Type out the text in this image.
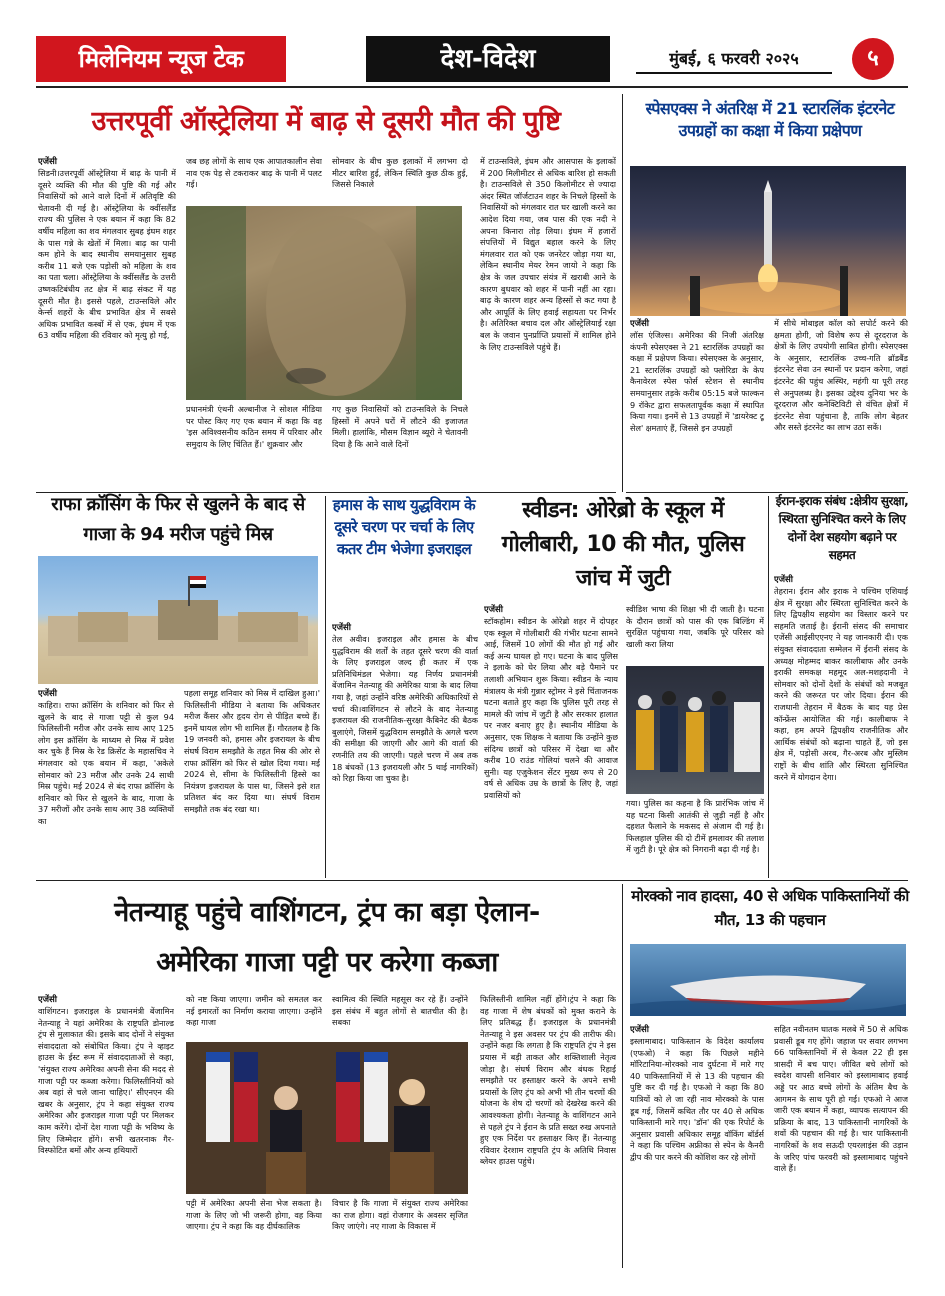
मिलेनियम न्यूज टेक	देश-विदेश	मुंबई, ६ फरवरी २०२५	५
उत्तरपूर्वी ऑस्ट्रेलिया में बाढ़ से दूसरी मौत की पुष्टि
एजेंसी
सिडनी।उत्तरपूर्वी ऑस्ट्रेलिया में बाढ़ के पानी में दूसरे व्यक्ति की मौत की पुष्टि की गई और निवासियों को आने वाले दिनों में अतिवृष्टि की चेतावनी दी गई है। ऑस्ट्रेलिया के क्वींसलैंड राज्य की पुलिस ने एक बयान में कहा कि 82 वर्षीय महिला का शव मंगलवार सुबह इंघम शहर के पास गन्ने के खेतों में मिला। बाढ़ का पानी कम होने के बाद स्थानीय समयानुसार सुबह करीब 11 बजे एक पड़ोसी को महिला के शव का पता चला। ऑस्ट्रेलिया के क्वींसलैंड के उत्तरी उष्णकटिबंधीय तट क्षेत्र में बाढ़ संकट में यह दूसरी मौत है। इससे पहले, टाउन्सविले और केर्न्स शहरों के बीच प्रभावित क्षेत्र में सबसे अधिक प्रभावित कस्बों में से एक, इंघम में एक 63 वर्षीय महिला की रविवार को मृत्यु हो गई,
जब छह लोगों के साथ एक आपातकालीन सेवा नाव एक पेड़ से टकराकर बाढ़ के पानी में पलट गई।
प्रधानमंत्री एंथनी अल्बानीज ने सोशल मीडिया पर पोस्ट किए गए एक बयान में कहा कि वह 'इस अविश्वसनीय कठिन समय में परिवार और समुदाय के लिए चिंतित हैं।' शुक्रवार और
सोमवार के बीच कुछ इलाकों में लगभग दो मीटर बारिश हुई, लेकिन स्थिति कुछ ठीक हुई, जिससे निकाले
गए कुछ निवासियों को टाउन्सविले के निचले हिस्सों में अपने घरों में लौटने की इजाजत मिली। हालांकि, मौसम विज्ञान ब्यूरो ने चेतावनी दिया है कि आने वाले दिनों
में टाउन्सविले, इंघम और आसपास के इलाकों में 200 मिलीमीटर से अधिक बारिश हो सकती है। टाउन्सविले से 350 किलोमीटर से ज्यादा अंदर स्थित जॉर्जटाउन शहर के निचले हिस्सों के निवासियों को मंगलवार रात घर खाली करने का आदेश दिया गया, जब पास की एक नदी ने अपना किनारा तोड़ लिया। इंघम में हजारों संपत्तियों में विद्युत बहाल करने के लिए मंगलवार रात को एक जनरेटर जोड़ा गया था, लेकिन स्थानीय मेयर रेमन जायो ने कहा कि क्षेत्र के जल उपचार संयंत्र में खराबी आने के कारण बुधवार को शहर में पानी नहीं आ रहा। बाढ़ के कारण शहर अन्य हिस्सों से कट गया है और आपूर्ति के लिए हवाई सहायता पर निर्भर है। अतिरिक्त बचाव दल और ऑस्ट्रेलियाई रक्षा बल के जवान पुनर्प्राप्ति प्रयासों में शामिल होने के लिए टाउन्सविले पहुंचे हैं।
स्पेसएक्स ने अंतरिक्ष में 21 स्टारलिंक इंटरनेट उपग्रहों का कक्षा में किया प्रक्षेपण
एजेंसी
लॉस एंजिल्स। अमेरिका की निजी अंतरिक्ष कंपनी स्पेसएक्स ने 21 स्टारलिंक उपग्रहों का कक्षा में प्रक्षेपण किया। स्पेसएक्स के अनुसार, 21 स्टारलिंक उपग्रहों को फ्लोरिडा के केप कैनावेरल स्पेस फोर्स स्टेशन से स्थानीय समयानुसार तड़के करीब 05:15 बजे फाल्कन 9 रॉकेट द्वारा सफलतापूर्वक कक्षा में स्थापित किया गया। इनमें से 13 उपग्रहों में 'डायरेक्ट टू सेल' क्षमताएं हैं, जिससे इन उपग्रहों
में सीधे मोबाइल कॉल को सपोर्ट करने की क्षमता होगी, जो विशेष रूप से दूरदराज के क्षेत्रों के लिए उपयोगी साबित होगी। स्पेसएक्स के अनुसार, स्टारलिंक उच्च-गति ब्रॉडबैंड इंटरनेट सेवा उन स्थानों पर प्रदान करेगा, जहां इंटरनेट की पहुंच अस्थिर, महंगी या पूरी तरह से अनुपलब्ध है। इसका उद्देश्य दुनिया भर के दूरदराज और कनेक्टिविटी से वंचित क्षेत्रों में इंटरनेट सेवा पहुंचाना है, ताकि लोग बेहतर और सस्ते इंटरनेट का लाभ उठा सकें।
राफा क्रॉसिंग के फिर से खुलने के बाद से गाजा के 94 मरीज पहुंचे मिस्र
एजेंसी
काहिरा। राफा क्रॉसिंग के शनिवार को फिर से खुलने के बाद से गाजा पट्टी से कुल 94 फिलिस्तीनी मरीज और उनके साथ आए 125 लोग इस क्रॉसिंग के माध्यम से मिस्र में प्रवेश कर चुके हैं मिस्र के रेड क्रिसेंट के महासचिव ने मंगलवार को एक बयान में कहा, 'अकेले सोमवार को 23 मरीज और उनके 24 साथी मिस्र पहुंचे। मई 2024 से बंद राफा क्रॉसिंग के शनिवार को फिर से खुलने के बाद, गाजा के 37 मरीजों और उनके साथ आए 38 व्यक्तियों का
पहला समूह शनिवार को मिस्र में दाखिल हुआ।' फिलिस्तीनी मीडिया ने बताया कि अधिकतर मरीज कैंसर और हृदय रोग से पीड़ित बच्चे हैं। इनमें घायल लोग भी शामिल हैं। गौरतलब है कि 19 जनवरी को, हमास और इजरायल के बीच संघर्ष विराम समझौते के तहत मिस्र की ओर से राफा क्रॉसिंग को फिर से खोल दिया गया। मई 2024 से, सीमा के फिलिस्तीनी हिस्से का नियंत्रण इजरायल के पास था, जिसने इसे शत प्रतिशत बंद कर दिया था। संघर्ष विराम समझौते तक बंद रखा था।
हमास के साथ युद्धविराम के दूसरे चरण पर चर्चा के लिए कतर टीम भेजेगा इजराइल
एजेंसी
तेल अवीव। इजराइल और हमास के बीच युद्धविराम की शर्तों के तहत दूसरे चरण की वार्ता के लिए इजराइल जल्द ही कतर में एक प्रतिनिधिमंडल भेजेगा। यह निर्णय प्रधानमंत्री बेंजामिन नेतन्याहू की अमेरिका यात्रा के बाद लिया गया है, जहां उन्होंने वरिष्ठ अमेरिकी अधिकारियों से चर्चा की।वाशिंगटन से लौटने के बाद नेतन्याहू इजरायल की राजनीतिक-सुरक्षा कैबिनेट की बैठक बुलाएंगे, जिसमें युद्धविराम समझौते के अगले चरण की समीक्षा की जाएगी और आगे की वार्ता की रणनीति तय की जाएगी। पहले चरण में अब तक 18 बंधकों (13 इजरायली और 5 थाई नागरिकों) को रिहा किया जा चुका है।
स्वीडन: ओरेब्रो के स्कूल में गोलीबारी, 10 की मौत, पुलिस जांच में जुटी
एजेंसी
स्टॉकहोम। स्वीडन के ओरेब्रो शहर में दोपहर एक स्कूल में गोलीबारी की गंभीर घटना सामने आई, जिसमें 10 लोगों की मौत हो गई और कई अन्य घायल हो गए। घटना के बाद पुलिस ने इलाके को घेर लिया और बड़े पैमाने पर तलाशी अभियान शुरू किया। स्वीडन के न्याय मंत्रालय के मंत्री गुन्नार स्ट्रोमर ने इसे चिंताजनक घटना बताते हुए कहा कि पुलिस पूरी तरह से मामले की जांच में जुटी है और सरकार हालात पर नजर बनाए हुए है। स्थानीय मीडिया के अनुसार, एक शिक्षक ने बताया कि उन्होंने कुछ संदिग्ध छात्रों को परिसर में देखा था और करीब 10 राउंड गोलियां चलने की आवाज सुनी। यह एजुकेशन सेंटर मुख्य रूप से 20 वर्ष से अधिक उम्र के छात्रों के लिए है, जहां प्रवासियों को
स्वीडिश भाषा की शिक्षा भी दी जाती है। घटना के दौरान छात्रों को पास की एक बिल्डिंग में सुरक्षित पहुंचाया गया, जबकि पूरे परिसर को खाली करा लिया
गया। पुलिस का कहना है कि प्रारंभिक जांच में यह घटना किसी आतंकी से जुड़ी नहीं है और दहशत फैलाने के मकसद से अंजाम दी गई है। फिलहाल पुलिस की दो टीमें हमलावर की तलाश में जुटी है। पूरे क्षेत्र को निगरानी बढ़ा दी गई है।
ईरान-इराक संबंध :क्षेत्रीय सुरक्षा, स्थिरता सुनिश्चित करने के लिए दोनों देश सहयोग बढ़ाने पर सहमत
एजेंसी
तेहरान। ईरान और इराक ने पश्चिम एशियाई क्षेत्र में सुरक्षा और स्थिरता सुनिश्चित करने के लिए द्विपक्षीय सहयोग का विस्तार करने पर सहमति जताई है। ईरानी संसद की समाचार एजेंसी आईसीएएनए ने यह जानकारी दी। एक संयुक्त संवाददाता सम्मेलन में ईरानी संसद के अध्यक्ष मोहम्मद बाकर कालीबाफ और उनके इराकी समकक्ष महमूद अल-मशहदानी ने सोमवार को दोनों देशों के संबंधों को मजबूत करने की जरूरत पर जोर दिया। ईरान की राजधानी तेहरान में बैठक के बाद यह प्रेस कॉन्फ्रेंस आयोजित की गई। कालीबाफ ने कहा, हम अपने द्विपक्षीय राजनीतिक और आर्थिक संबंधों को बढ़ाना चाहते हैं, जो इस क्षेत्र में, पड़ोसी अरब, गैर-अरब और मुस्लिम राष्ट्रों के बीच शांति और स्थिरता सुनिश्चित करने में योगदान देगा।
नेतन्याहू पहुंचे वाशिंगटन, ट्रंप का बड़ा ऐलान-
अमेरिका गाजा पट्टी पर करेगा कब्जा
एजेंसी
वाशिंगटन। इजराइल के प्रधानमंत्री बेंजामिन नेतन्याहू ने यहां अमेरिका के राष्ट्रपति डोनाल्ड ट्रंप से मुलाकात की। इसके बाद दोनों ने संयुक्त संवाददाता को संबोधित किया। ट्रंप ने व्हाइट हाउस के ईस्ट रूम में संवाददाताओं से कहा, 'संयुक्त राज्य अमेरिका अपनी सेना की मदद से गाजा पट्टी पर कब्जा करेगा। फिलिस्तीनियों को अब वहां से चले जाना चाहिए।' सीएनएन की खबर के अनुसार, ट्रंप ने कहा संयुक्त राज्य अमेरिका और इजराइल गाजा पट्टी पर मिलकर काम करेंगे। दोनों देश गाजा पट्टी के भविष्य के लिए जिम्मेदार होंगे। सभी खतरनाक गैर-विस्फोटित बमों और अन्य हथियारों
को नष्ट किया जाएगा। जमीन को समतल कर नई इमारतों का निर्माण कराया जाएगा। उन्होंने कहा गाजा
स्वामित्व की स्थिति महसूस कर रहे हैं। उन्होंने इस संबंध में बहुत लोगों से बातचीत की है। सबका
पट्टी में अमेरिका अपनी सेना भेज सकता है। गाजा के लिए जो भी जरूरी होगा, वह किया जाएगा। ट्रंप ने कहा कि वह दीर्घकालिक
विचार है कि गाजा में संयुक्त राज्य अमेरिका का राज होगा। वहां रोजगार के अवसर सृजित किए जाएंगे। नए गाजा के विकास में
फिलिस्तीनी शामिल नहीं होंगे।ट्रंप ने कहा कि वह गाजा में शेष बंधकों को मुक्त कराने के लिए प्रतिबद्ध हैं। इजराइल के प्रधानमंत्री नेतन्याहू ने इस अवसर पर ट्रंप की तारीफ की। उन्होंने कहा कि लगता है कि राष्ट्रपति ट्रंप ने इस प्रयास में बड़ी ताकत और शक्तिशाली नेतृत्व जोड़ा है। संघर्ष विराम और बंधक रिहाई समझौते पर हस्ताक्षर करने के अपने सभी प्रयासों के लिए ट्रंप को अभी भी तीन चरणों की योजना के शेष दो चरणों को देखरेख करने की आवश्यकता होगी। नेतन्याहू के वाशिंगटन आने से पहले ट्रंप ने ईरान के प्रति सख्त रुख अपनाते हुए एक निर्देश पर हस्ताक्षर किए हैं। नेतन्याहू रविवार देरशाम राष्ट्रपति ट्रंप के अतिथि निवास ब्लेयर हाउस पहुंचे।
मोरक्को नाव हादसा, 40 से अधिक पाकिस्तानियों की मौत, 13 की पहचान
एजेंसी
इस्लामाबाद। पाकिस्तान के विदेश कार्यालय (एफओ) ने कहा कि पिछले महीने मॉरिटानिया-मोरक्को नाव दुर्घटना में मारे गए 40 पाकिस्तानियों में से 13 की पहचान की पुष्टि कर दी गई है। एफओ ने कहा कि 80 यात्रियों को ले जा रही नाव मोरक्को के पास डूब गई, जिसमें कथित तौर पर 40 से अधिक पाकिस्तानी मारे गए। 'डॉन' की एक रिपोर्ट के अनुसार प्रवासी अधिकार समूह वॉकिंग बॉर्डर्स ने कहा कि पश्चिम अफ्रीका से स्पेन के कैनरी द्वीप की पार करने की कोशिश कर रहे लोगों
सहित नवीनतम घातक मलबे में 50 से अधिक प्रवासी डूब गए होंगे। जहाज पर सवार लगभग 66 पाकिस्तानियों में से केवल 22 ही इस त्रासदी में बच पाए। जीवित बचे लोगों को स्वदेश वापसी शनिवार को इस्लामाबाद हवाई अड्डे पर आठ बच्चे लोगों के अंतिम बैच के आगमन के साथ पूरी हो गई। एफओ ने आज जारी एक बयान में कहा, व्यापक सत्यापन की प्रक्रिया के बाद, 13 पाकिस्तानी नागरिकों के शवों की पहचान की गई है। चार पाकिस्तानी नागरिकों के शव सऊदी एयरलाइंस की उड़ान के जरिए पांच फरवरी को इस्लामाबाद पहुंचने वाले हैं।
